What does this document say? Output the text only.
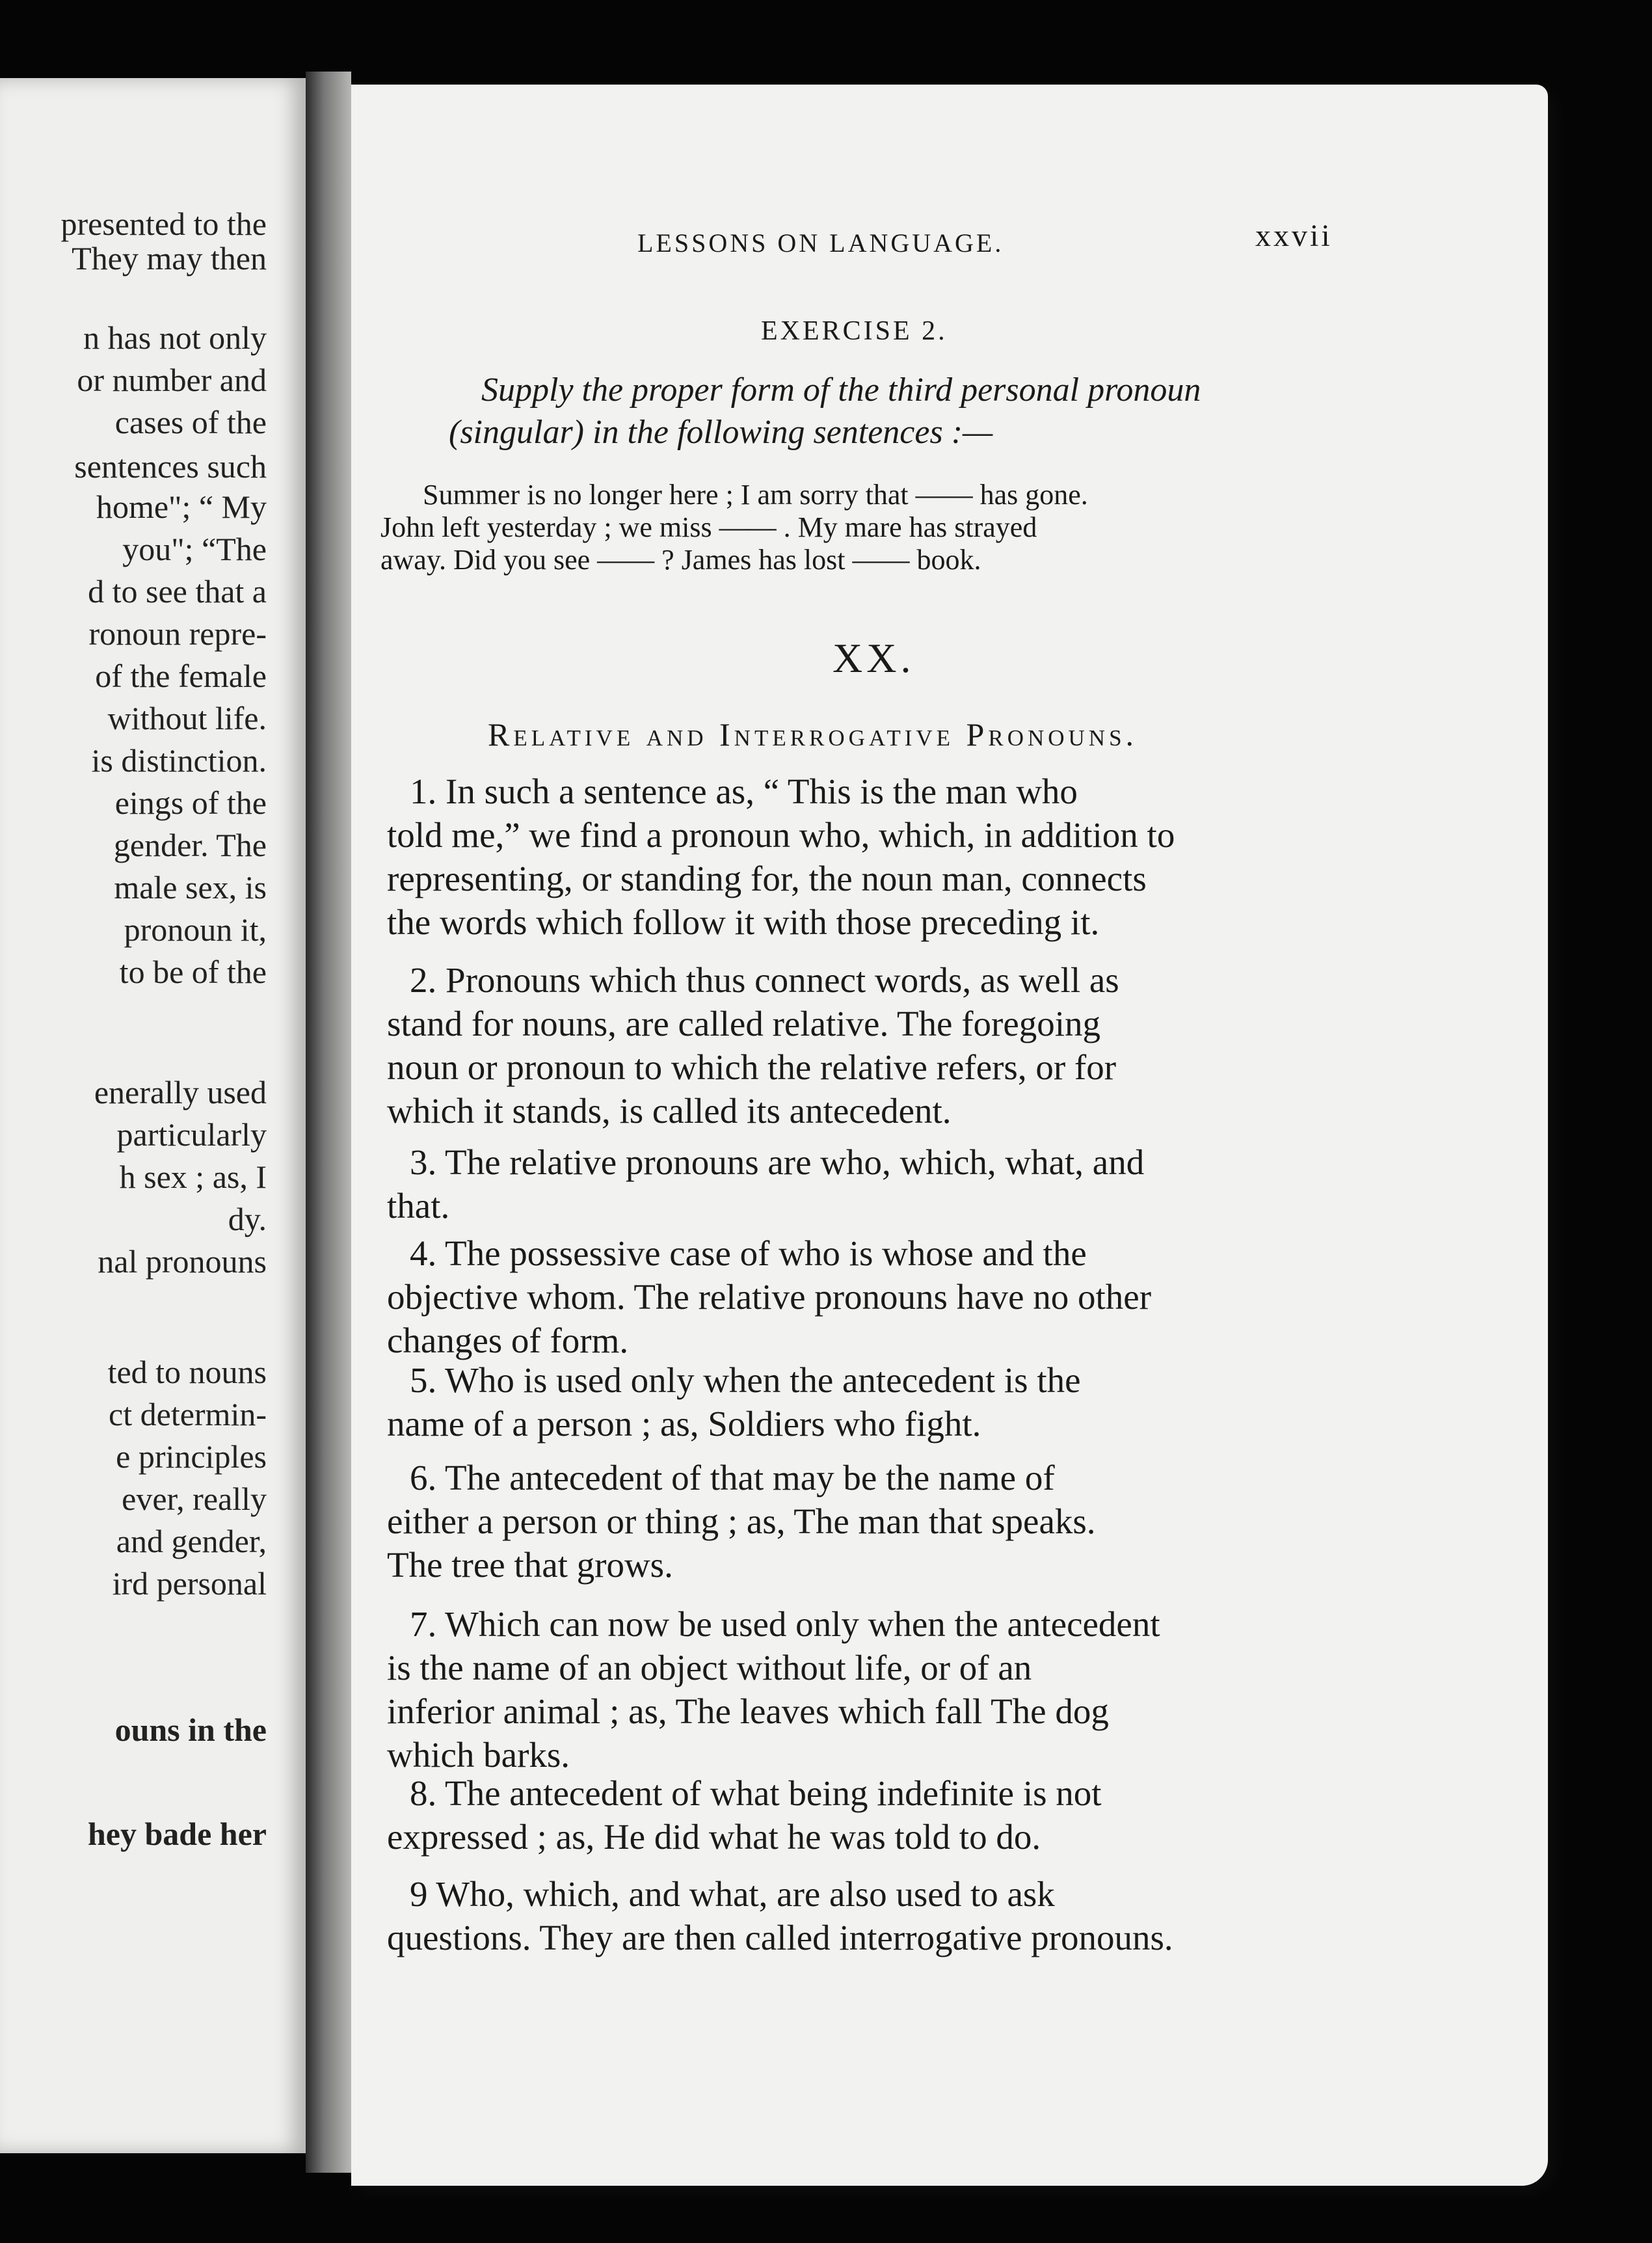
presented to the
They may then
n has not only
or number and
cases of the
sentences such
home"; “ My
you"; “The
d to see that a
ronoun repre-
of the female
without life.
is distinction.
eings of the
gender. The
male sex, is
pronoun it,
to be of the
enerally used
particularly
h sex ; as, I
dy.
nal pronouns
ted to nouns
ct determin-
e principles
ever, really
and gender,
ird personal
ouns in the
hey bade her
LESSONS ON LANGUAGE.	xxvii
EXERCISE 2.
Supply the proper form of the third personal pronoun
(singular) in the following sentences :—
Summer is no longer here ; I am sorry that —— has gone.
John left yesterday ; we miss —— . My mare has strayed
away. Did you see —— ? James has lost —— book.
XX.
Relative and Interrogative Pronouns.
1. In such a sentence as, “ This is the man who
told me,” we find a pronoun who, which, in addition to
representing, or standing for, the noun man, connects
the words which follow it with those preceding it.
2. Pronouns which thus connect words, as well as
stand for nouns, are called relative. The foregoing
noun or pronoun to which the relative refers, or for
which it stands, is called its antecedent.
3. The relative pronouns are who, which, what, and
that.
4. The possessive case of who is whose and the
objective whom. The relative pronouns have no other
changes of form.
5. Who is used only when the antecedent is the
name of a person ; as, Soldiers who fight.
6. The antecedent of that may be the name of
either a person or thing ; as, The man that speaks.
The tree that grows.
7. Which can now be used only when the antecedent
is the name of an object without life, or of an
inferior animal ; as, The leaves which fall The dog
which barks.
8. The antecedent of what being indefinite is not
expressed ; as, He did what he was told to do.
9 Who, which, and what, are also used to ask
questions. They are then called interrogative pronouns.
